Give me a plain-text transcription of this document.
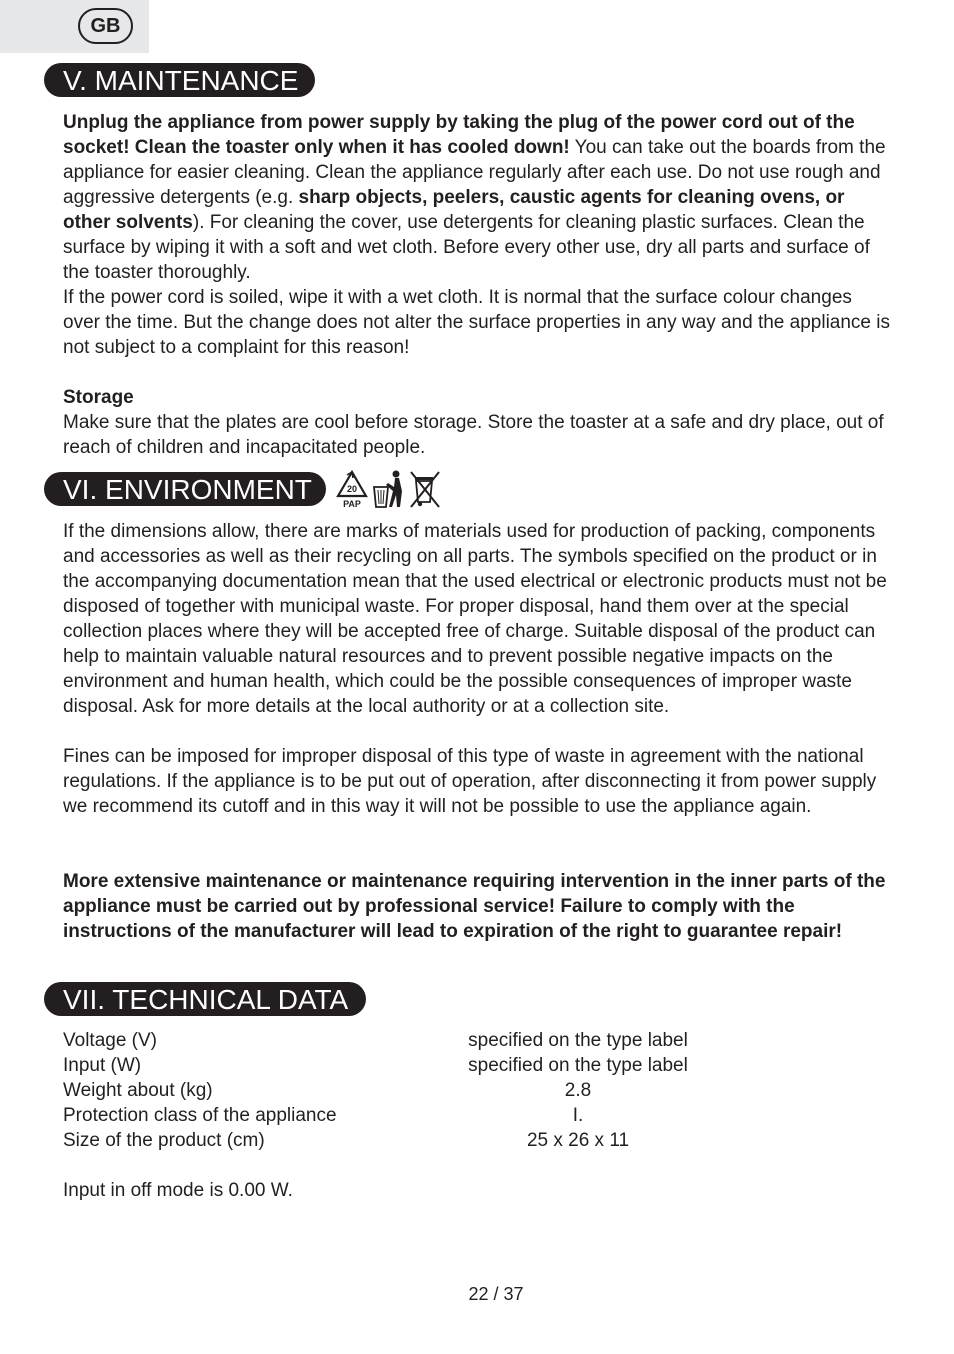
GB
V. MAINTENANCE

Unplug the appliance from power supply by taking the plug of the power cord out of the socket! Clean the toaster only when it has cooled down! You can take out the boards from the appliance for easier cleaning. Clean the appliance regularly after each use. Do not use rough and aggressive detergents (e.g. sharp objects, peelers, caustic agents for cleaning ovens, or other solvents). For cleaning the cover, use detergents for cleaning plastic surfaces. Clean the surface by wiping it with a soft and wet cloth. Before every other use, dry all parts and surface of the toaster thoroughly.

If the power cord is soiled, wipe it with a wet cloth. It is normal that the surface colour changes over the time. But the change does not alter the surface properties in any way and the appliance is not subject to a complaint for this reason!

Storage

Make sure that the plates are cool before storage. Store the toaster at a safe and dry place, out of reach of children and incapacitated people.

VI. ENVIRONMENT	20
PAP

If the dimensions allow, there are marks of materials used for production of packing, components and accessories as well as their recycling on all parts. The symbols specified on the product or in the accompanying documentation mean that the used electrical or electronic products must not be disposed of together with municipal waste. For proper disposal, hand them over at the special collection places where they will be accepted free of charge. Suitable disposal of the product can help to maintain valuable natural resources and to prevent possible negative impacts on the environment and human health, which could be the possible consequences of improper waste disposal. Ask for more details at the local authority or at a collection site.

Fines can be imposed for improper disposal of this type of waste in agreement with the national regulations. If the appliance is to be put out of operation, after disconnecting it from power supply we recommend its cutoff and in this way it will not be possible to use the appliance again.

More extensive maintenance or maintenance requiring intervention in the inner parts of the appliance must be carried out by professional service! Failure to comply with the instructions of the manufacturer will lead to expiration of the right to guarantee repair!

VII. TECHNICAL DATA
Voltage (V)	specified on the type label
Input (W)	specified on the type label
Weight about (kg)	2.8
Protection class of the appliance	I.
Size of the product (cm)	25 x 26 x 11

Input in off mode is 0.00 W.

22 / 37
